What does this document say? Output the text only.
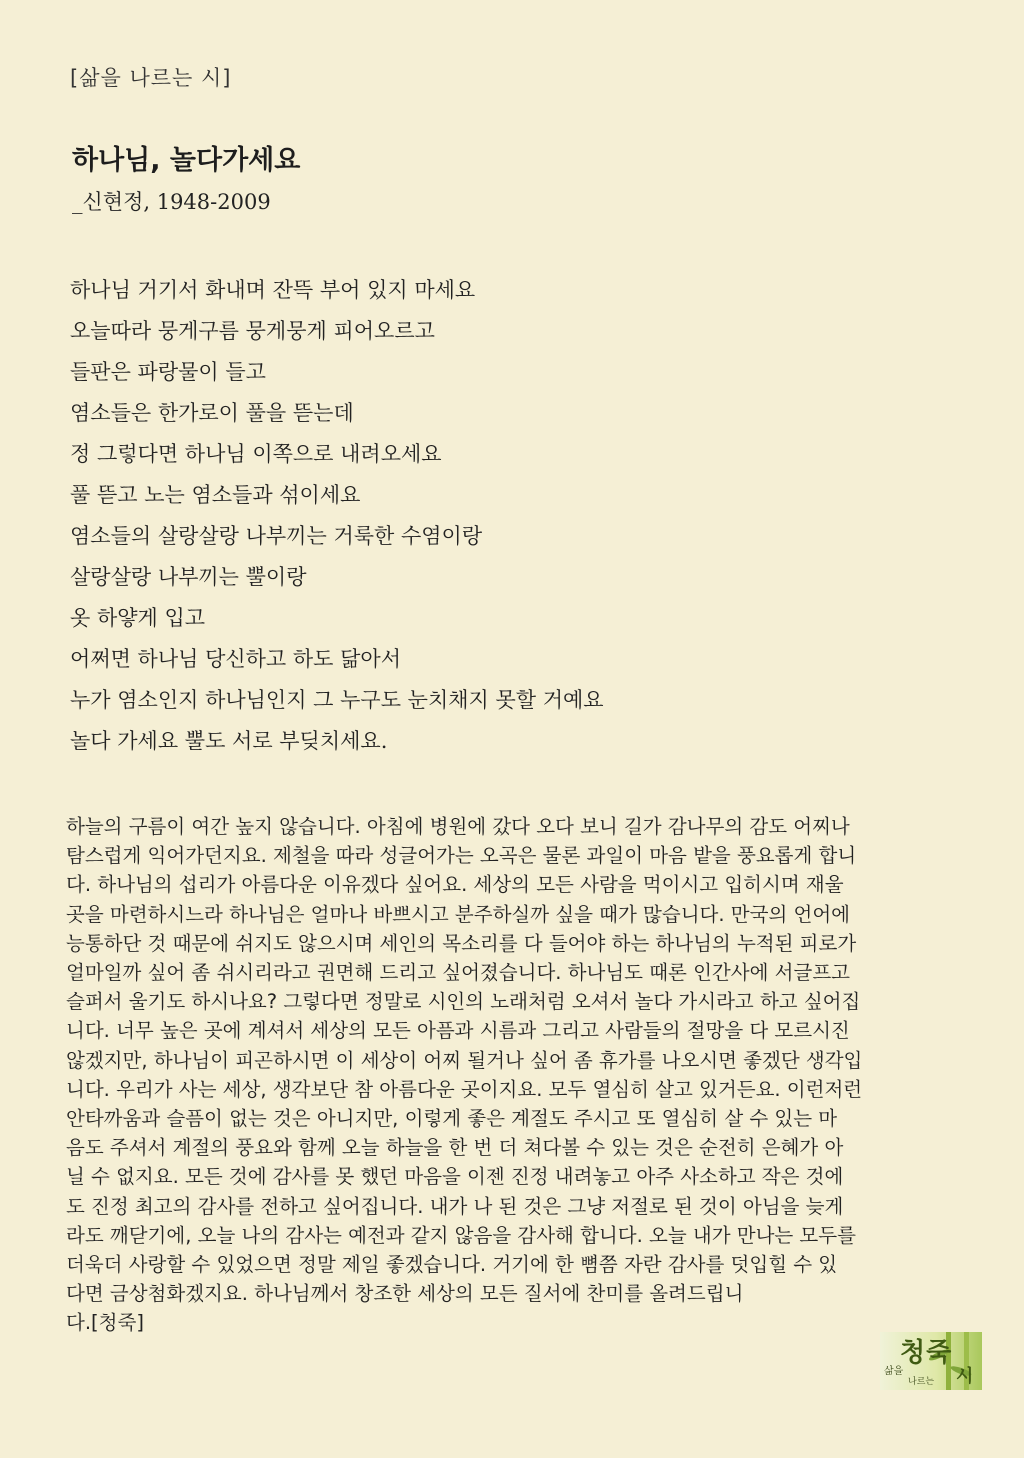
[삶을 나르는 시]
하나님, 놀다가세요
_신현정, 1948-2009
하나님 거기서 화내며 잔뜩 부어 있지 마세요
오늘따라 뭉게구름 뭉게뭉게 피어오르고
들판은 파랑물이 들고
염소들은 한가로이 풀을 뜯는데
정 그렇다면 하나님 이쪽으로 내려오세요
풀 뜯고 노는 염소들과 섞이세요
염소들의 살랑살랑 나부끼는 거룩한 수염이랑
살랑살랑 나부끼는 뿔이랑
옷 하얗게 입고
어쩌면 하나님 당신하고 하도 닮아서
누가 염소인지 하나님인지 그 누구도 눈치채지 못할 거예요
놀다 가세요 뿔도 서로 부딪치세요.

하늘의 구름이 여간 높지 않습니다. 아침에 병원에 갔다 오다 보니 길가 감나무의 감도 어찌나
탐스럽게 익어가던지요. 제철을 따라 성글어가는 오곡은 물론 과일이 마음 밭을 풍요롭게 합니
다. 하나님의 섭리가 아름다운 이유겠다 싶어요. 세상의 모든 사람을 먹이시고 입히시며 재울
곳을 마련하시느라 하나님은 얼마나 바쁘시고 분주하실까 싶을 때가 많습니다. 만국의 언어에
능통하단 것 때문에 쉬지도 않으시며 세인의 목소리를 다 들어야 하는 하나님의 누적된 피로가
얼마일까 싶어 좀 쉬시리라고 권면해 드리고 싶어졌습니다. 하나님도 때론 인간사에 서글프고
슬퍼서 울기도 하시나요? 그렇다면 정말로 시인의 노래처럼 오셔서 놀다 가시라고 하고 싶어집
니다. 너무 높은 곳에 계셔서 세상의 모든 아픔과 시름과 그리고 사람들의 절망을 다 모르시진
않겠지만, 하나님이 피곤하시면 이 세상이 어찌 될거나 싶어 좀 휴가를 나오시면 좋겠단 생각입
니다. 우리가 사는 세상, 생각보단 참 아름다운 곳이지요. 모두 열심히 살고 있거든요. 이런저런
안타까움과 슬픔이 없는 것은 아니지만, 이렇게 좋은 계절도 주시고 또 열심히 살 수 있는 마
음도 주셔서 계절의 풍요와 함께 오늘 하늘을 한 번 더 쳐다볼 수 있는 것은 순전히 은혜가 아
닐 수 없지요. 모든 것에 감사를 못 했던 마음을 이젠 진정 내려놓고 아주 사소하고 작은 것에
도 진정 최고의 감사를 전하고 싶어집니다. 내가 나 된 것은 그냥 저절로 된 것이 아님을 늦게
라도 깨닫기에, 오늘 나의 감사는 예전과 같지 않음을 감사해 합니다. 오늘 내가 만나는 모두를
더욱더 사랑할 수 있었으면 정말 제일 좋겠습니다. 거기에 한 뼘쯤 자란 감사를 덧입힐 수 있
다면 금상첨화겠지요. 하나님께서 창조한 세상의 모든 질서에 찬미를 올려드립니
다.[청죽]

청죽
삶을
나르는 시
